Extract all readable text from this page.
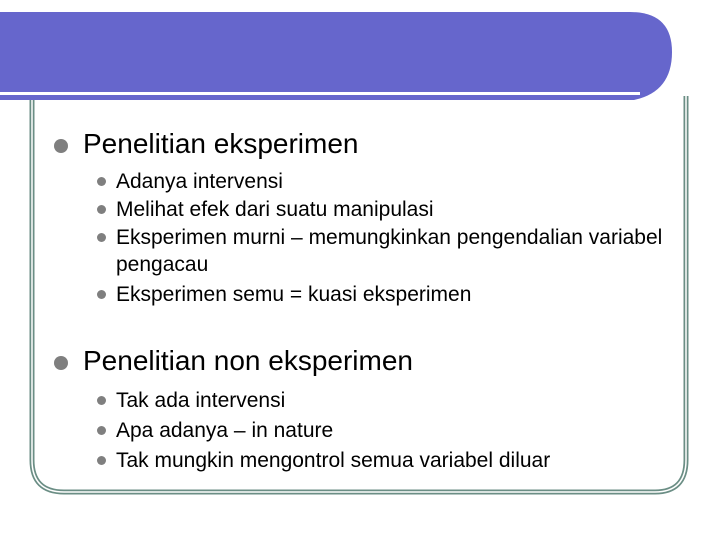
Penelitian eksperimen
Adanya intervensi
Melihat efek dari suatu manipulasi
Eksperimen murni – memungkinkan pengendalian variabel pengacau
Eksperimen semu = kuasi eksperimen
Penelitian non eksperimen
Tak ada intervensi
Apa adanya – in nature
Tak mungkin mengontrol semua variabel diluar
